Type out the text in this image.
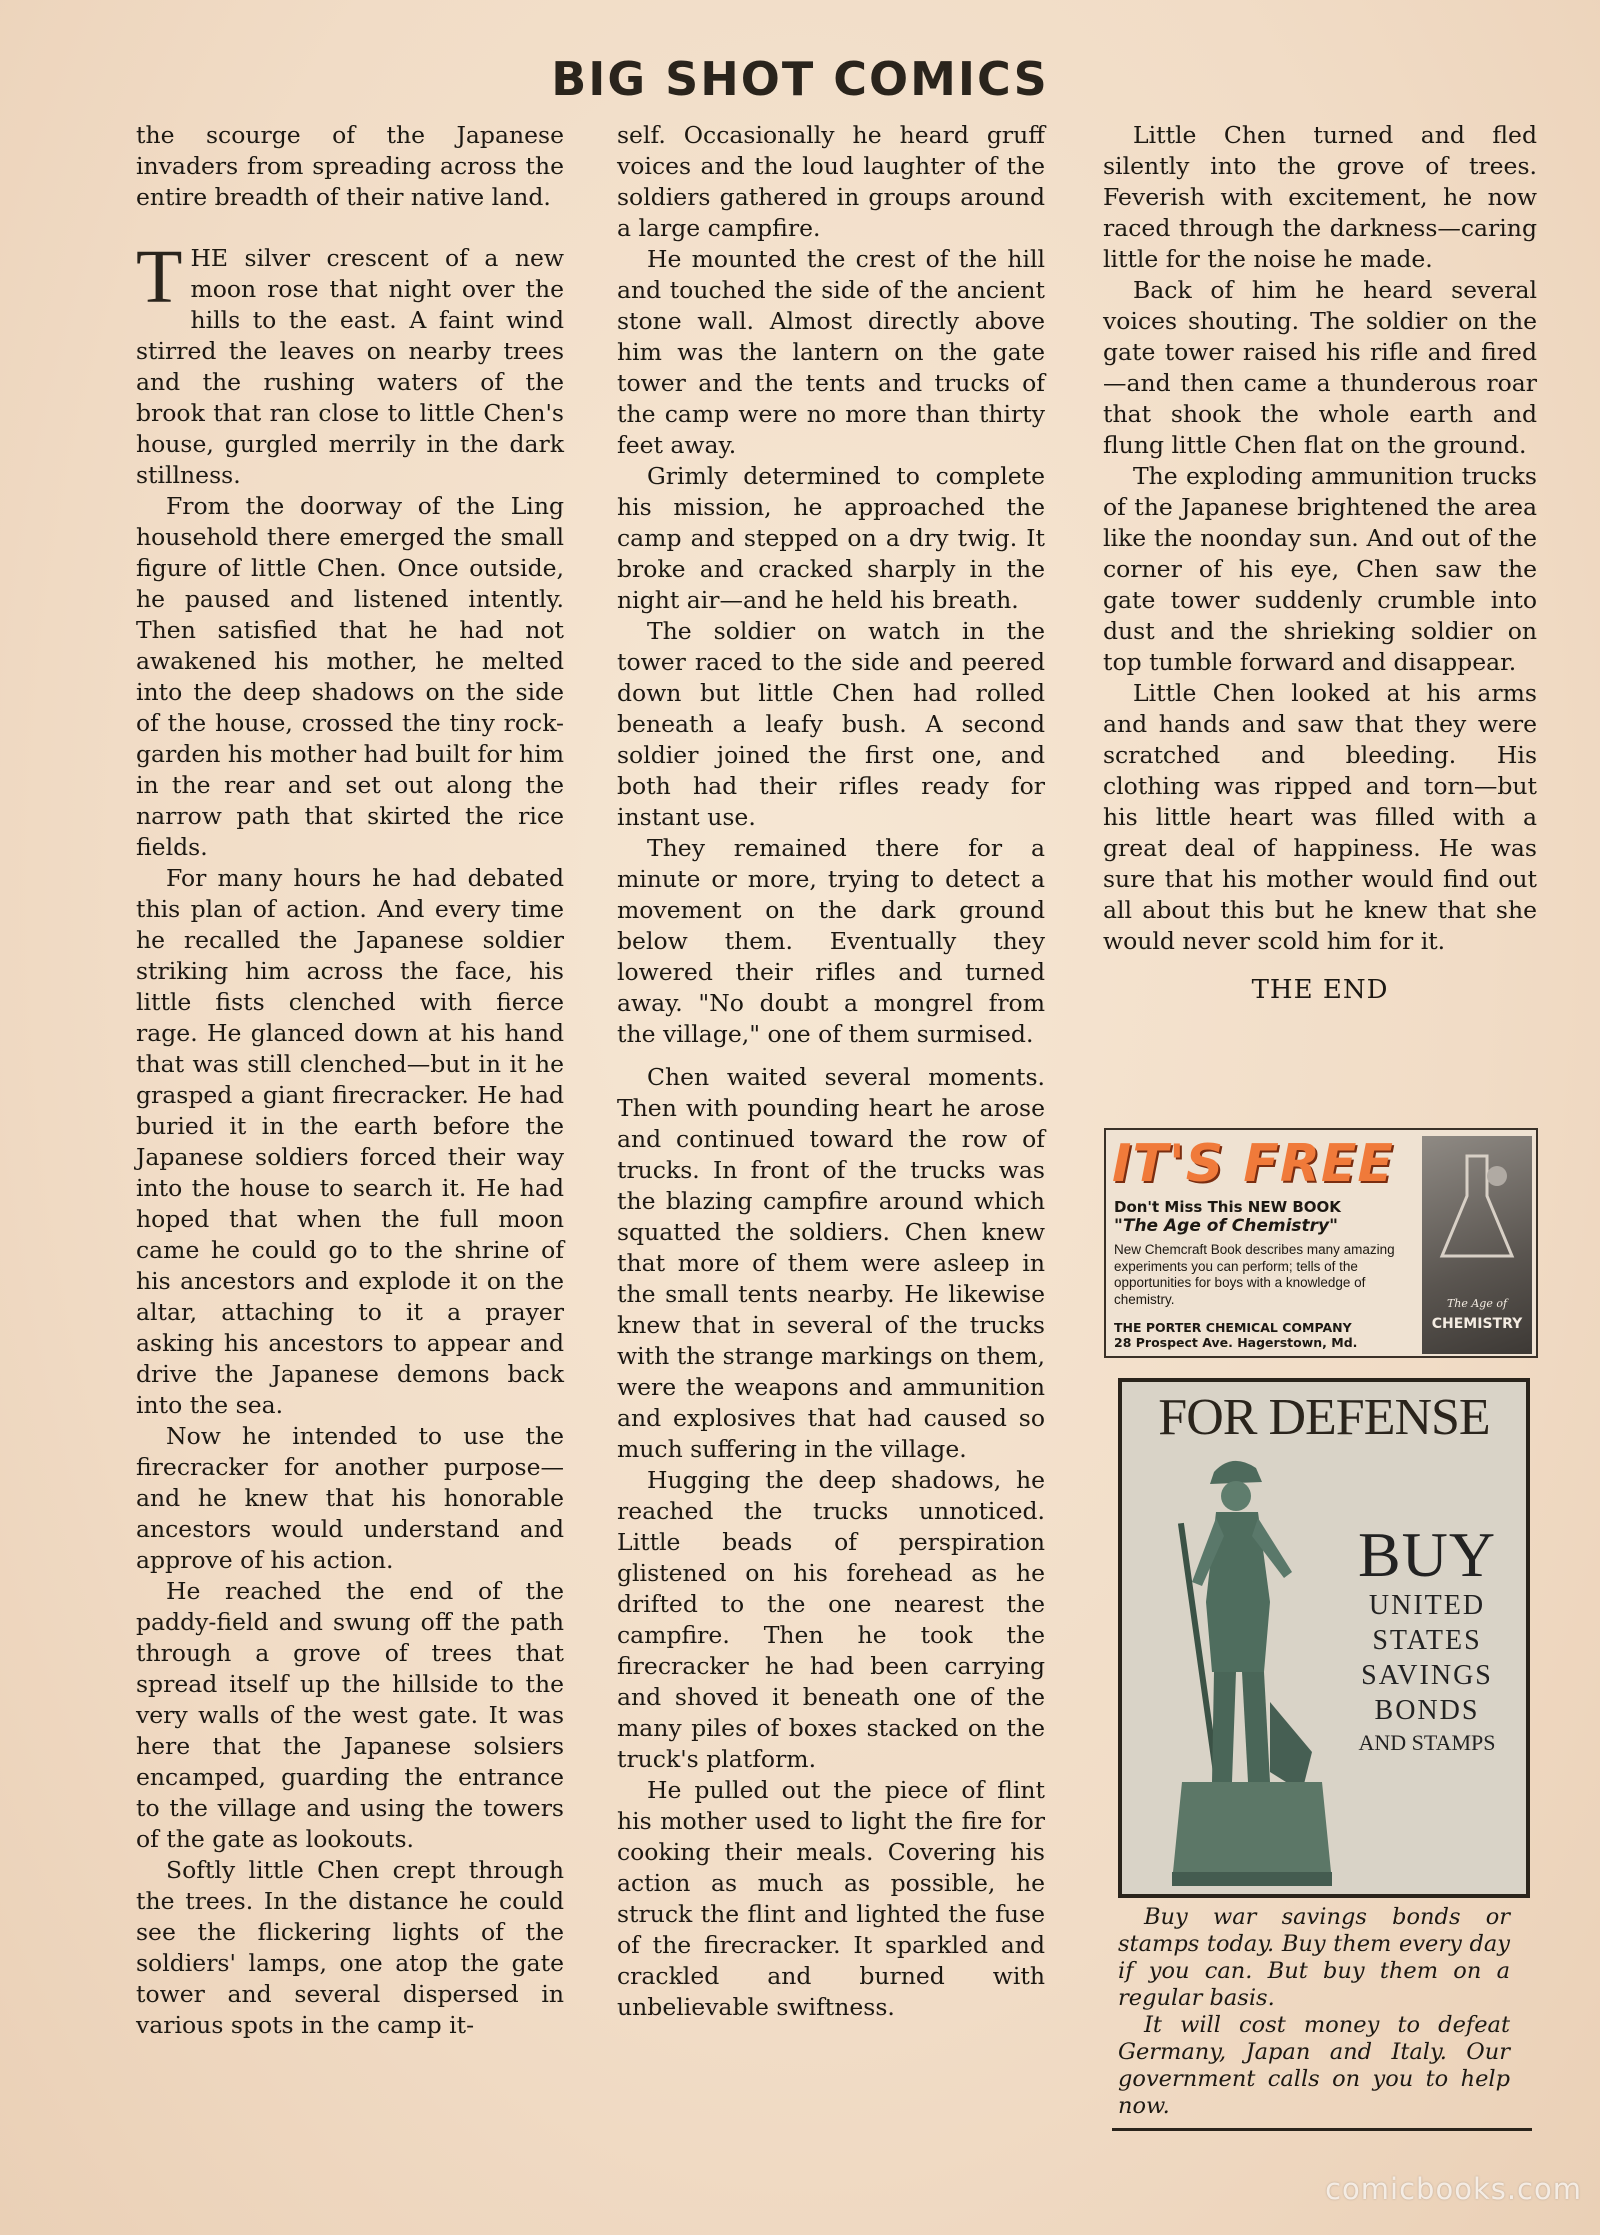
BIG SHOT COMICS

the scourge of the Japanese invaders from spreading across the entire breadth of their native land.

THE silver crescent of a new moon rose that night over the hills to the east. A faint wind stirred the leaves on nearby trees and the rushing waters of the brook that ran close to little Chen's house, gurgled merrily in the dark stillness.

From the doorway of the Ling household there emerged the small figure of little Chen. Once outside, he paused and listened intently. Then satisfied that he had not awakened his mother, he melted into the deep shadows on the side of the house, crossed the tiny rock-garden his mother had built for him in the rear and set out along the narrow path that skirted the rice fields.

For many hours he had debated this plan of action. And every time he recalled the Japanese soldier striking him across the face, his little fists clenched with fierce rage. He glanced down at his hand that was still clenched—but in it he grasped a giant firecracker. He had buried it in the earth before the Japanese soldiers forced their way into the house to search it. He had hoped that when the full moon came he could go to the shrine of his ancestors and explode it on the altar, attaching to it a prayer asking his ancestors to appear and drive the Japanese demons back into the sea.

Now he intended to use the firecracker for another purpose—and he knew that his honorable ancestors would understand and approve of his action.

He reached the end of the paddy-field and swung off the path through a grove of trees that spread itself up the hillside to the very walls of the west gate. It was here that the Japanese solsiers encamped, guarding the entrance to the village and using the towers of the gate as lookouts.

Softly little Chen crept through the trees. In the distance he could see the flickering lights of the soldiers' lamps, one atop the gate tower and several dispersed in various spots in the camp it-

self. Occasionally he heard gruff voices and the loud laughter of the soldiers gathered in groups around a large campfire.

He mounted the crest of the hill and touched the side of the ancient stone wall. Almost directly above him was the lantern on the gate tower and the tents and trucks of the camp were no more than thirty feet away.

Grimly determined to complete his mission, he approached the camp and stepped on a dry twig. It broke and cracked sharply in the night air—and he held his breath.

The soldier on watch in the tower raced to the side and peered down but little Chen had rolled beneath a leafy bush. A second soldier joined the first one, and both had their rifles ready for instant use.

They remained there for a minute or more, trying to detect a movement on the dark ground below them. Eventually they lowered their rifles and turned away. "No doubt a mongrel from the village," one of them surmised.

Chen waited several moments. Then with pounding heart he arose and continued toward the row of trucks. In front of the trucks was the blazing campfire around which squatted the soldiers. Chen knew that more of them were asleep in the small tents nearby. He likewise knew that in several of the trucks with the strange markings on them, were the weapons and ammunition and explosives that had caused so much suffering in the village.

Hugging the deep shadows, he reached the trucks unnoticed. Little beads of perspiration glistened on his forehead as he drifted to the one nearest the campfire. Then he took the firecracker he had been carrying and shoved it beneath one of the many piles of boxes stacked on the truck's platform.

He pulled out the piece of flint his mother used to light the fire for cooking their meals. Covering his action as much as possible, he struck the flint and lighted the fuse of the firecracker. It sparkled and crackled and burned with unbelievable swiftness.

Little Chen turned and fled silently into the grove of trees. Feverish with excitement, he now raced through the darkness—caring little for the noise he made.

Back of him he heard several voices shouting. The soldier on the gate tower raised his rifle and fired—and then came a thunderous roar that shook the whole earth and flung little Chen flat on the ground.

The exploding ammunition trucks of the Japanese brightened the area like the noonday sun. And out of the corner of his eye, Chen saw the gate tower suddenly crumble into dust and the shrieking soldier on top tumble forward and disappear.

Little Chen looked at his arms and hands and saw that they were scratched and bleeding. His clothing was ripped and torn—but his little heart was filled with a great deal of happiness. He was sure that his mother would find out all about this but he knew that she would never scold him for it.

THE END

IT'S FREE
Don't Miss This NEW BOOK
"The Age of Chemistry"
New Chemcraft Book describes many amazing experiments you can perform; tells of the opportunities for boys with a knowledge of chemistry.
THE PORTER CHEMICAL COMPANY
28 Prospect Ave. Hagerstown, Md.
The Age of
CHEMISTRY
FOR DEFENSE
BUY
UNITED
STATES
SAVINGS
BONDS
AND STAMPS

Buy war savings bonds or stamps today. Buy them every day if you can. But buy them on a regular basis.

It will cost money to defeat Germany, Japan and Italy. Our government calls on you to help now.

comicbooks.com
